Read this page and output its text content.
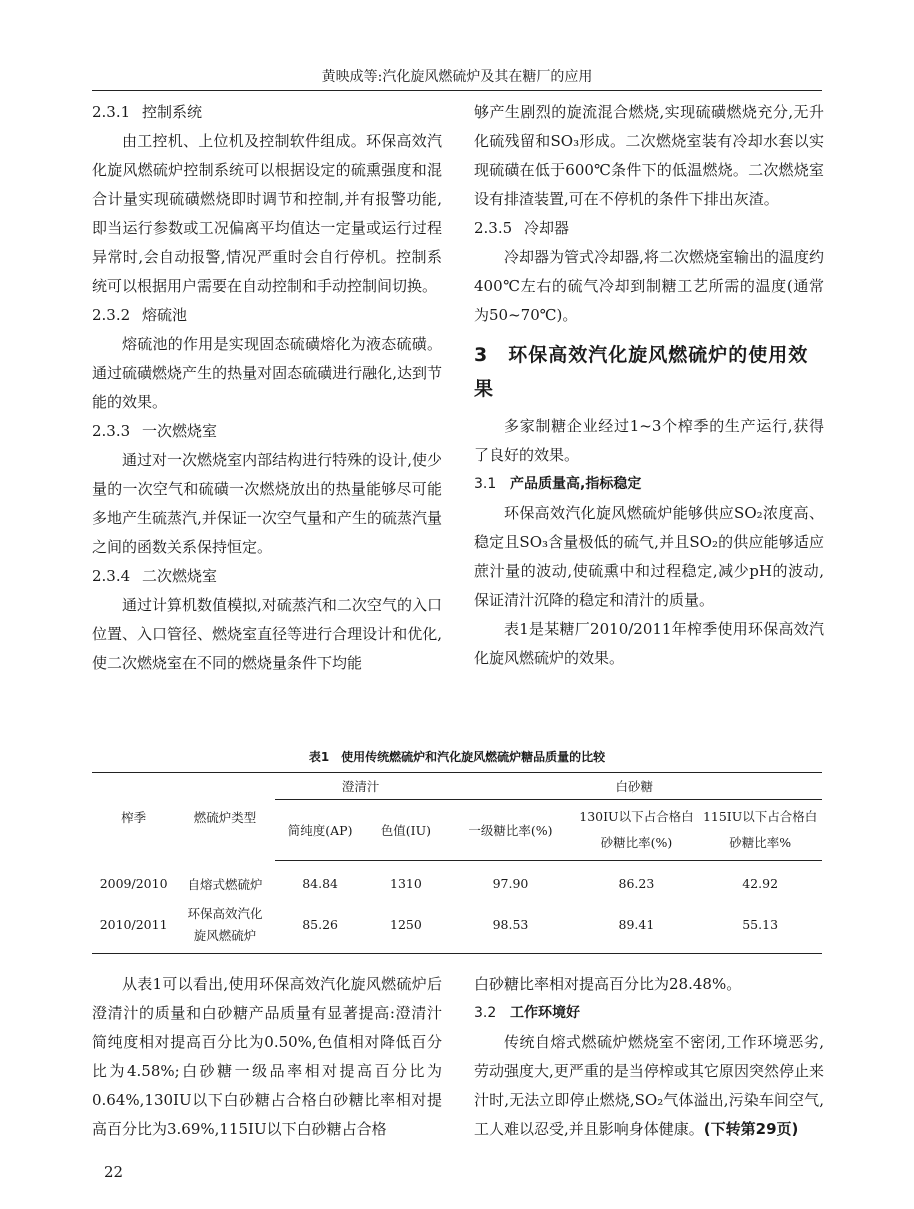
黄映成等:汽化旋风燃硫炉及其在糖厂的应用

2.3.1 控制系统

由工控机、上位机及控制软件组成。环保高效汽化旋风燃硫炉控制系统可以根据设定的硫熏强度和混合计量实现硫磺燃烧即时调节和控制,并有报警功能,即当运行参数或工况偏离平均值达一定量或运行过程异常时,会自动报警,情况严重时会自行停机。控制系统可以根据用户需要在自动控制和手动控制间切换。

2.3.2 熔硫池

熔硫池的作用是实现固态硫磺熔化为液态硫磺。通过硫磺燃烧产生的热量对固态硫磺进行融化,达到节能的效果。

2.3.3 一次燃烧室

通过对一次燃烧室内部结构进行特殊的设计,使少量的一次空气和硫磺一次燃烧放出的热量能够尽可能多地产生硫蒸汽,并保证一次空气量和产生的硫蒸汽量之间的函数关系保持恒定。

2.3.4 二次燃烧室

通过计算机数值模拟,对硫蒸汽和二次空气的入口位置、入口管径、燃烧室直径等进行合理设计和优化,使二次燃烧室在不同的燃烧量条件下均能

够产生剧烈的旋流混合燃烧,实现硫磺燃烧充分,无升化硫残留和SO₃形成。二次燃烧室装有冷却水套以实现硫磺在低于600℃条件下的低温燃烧。二次燃烧室设有排渣装置,可在不停机的条件下排出灰渣。

2.3.5 冷却器

冷却器为管式冷却器,将二次燃烧室输出的温度约400℃左右的硫气冷却到制糖工艺所需的温度(通常为50~70℃)。

3　环保高效汽化旋风燃硫炉的使用效果

多家制糖企业经过1~3个榨季的生产运行,获得了良好的效果。

3.1 产品质量高,指标稳定

环保高效汽化旋风燃硫炉能够供应SO₂浓度高、稳定且SO₃含量极低的硫气,并且SO₂的供应能够适应蔗汁量的波动,使硫熏中和过程稳定,减少pH的波动,保证清汁沉降的稳定和清汁的质量。

表1是某糖厂2010/2011年榨季使用环保高效汽化旋风燃硫炉的效果。

表1　使用传统燃硫炉和汽化旋风燃硫炉糖品质量的比较
榨季	燃硫炉类型	澄清汁		白砂糖		
		简纯度(AP)	色值(IU)	一级糖比率(%)	130IU以下占合格白砂糖比率(%)	115IU以下占合格白砂糖比率%
2009/2010	自熔式燃硫炉	84.84	1310	97.90	86.23	42.92
2010/2011	环保高效汽化旋风燃硫炉	85.26	1250	98.53	89.41	55.13

从表1可以看出,使用环保高效汽化旋风燃硫炉后澄清汁的质量和白砂糖产品质量有显著提高:澄清汁简纯度相对提高百分比为0.50%,色值相对降低百分比为4.58%;白砂糖一级品率相对提高百分比为0.64%,130IU以下白砂糖占合格白砂糖比率相对提高百分比为3.69%,115IU以下白砂糖占合格

白砂糖比率相对提高百分比为28.48%。

3.2 工作环境好

传统自熔式燃硫炉燃烧室不密闭,工作环境恶劣,劳动强度大,更严重的是当停榨或其它原因突然停止来汁时,无法立即停止燃烧,SO₂气体溢出,污染车间空气,工人难以忍受,并且影响身体健康。(下转第29页)

22
